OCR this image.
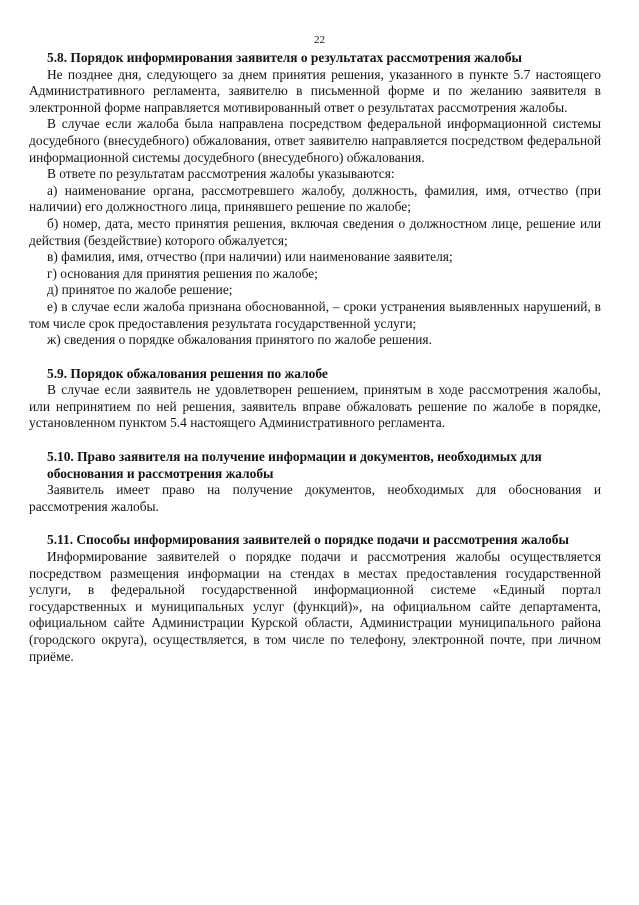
22

5.8. Порядок информирования заявителя о результатах рассмотрения жалобы

Не позднее дня, следующего за днем принятия решения, указанного в пункте 5.7 настоящего Административного регламента, заявителю в письменной форме и по желанию заявителя в электронной форме направляется мотивированный ответ о результатах рассмотрения жалобы.

В случае если жалоба была направлена посредством федеральной информационной системы досудебного (внесудебного) обжалования, ответ заявителю направляется посредством федеральной информационной системы досудебного (внесудебного) обжалования.

В ответе по результатам рассмотрения жалобы указываются:

а) наименование органа, рассмотревшего жалобу, должность, фамилия, имя, отчество (при наличии) его должностного лица, принявшего решение по жалобе;

б) номер, дата, место принятия решения, включая сведения о должностном лице, решение или действия (бездействие) которого обжалуется;

в) фамилия, имя, отчество (при наличии) или наименование заявителя;

г) основания для принятия решения по жалобе;

д) принятое по жалобе решение;

е) в случае если жалоба признана обоснованной, – сроки устранения выявленных нарушений, в том числе срок предоставления результата государственной услуги;

ж) сведения о порядке обжалования принятого по жалобе решения.

5.9. Порядок обжалования решения по жалобе

В случае если заявитель не удовлетворен решением, принятым в ходе рассмотрения жалобы, или непринятием по ней решения, заявитель вправе обжаловать решение по жалобе в порядке, установленном пунктом 5.4 настоящего Административного регламента.

5.10. Право заявителя на получение информации и документов, необходимых для обоснования и рассмотрения жалобы

Заявитель имеет право на получение документов, необходимых для обоснования и рассмотрения жалобы.

5.11. Способы информирования заявителей о порядке подачи и рассмотрения жалобы

Информирование заявителей о порядке подачи и рассмотрения жалобы осуществляется посредством размещения информации на стендах в местах предоставления государственной услуги, в федеральной государственной информационной системе «Единый портал государственных и муниципальных услуг (функций)», на официальном сайте департамента, официальном сайте Администрации Курской области, Администрации муниципального района (городского округа), осуществляется, в том числе по телефону, электронной почте, при личном приёме.
